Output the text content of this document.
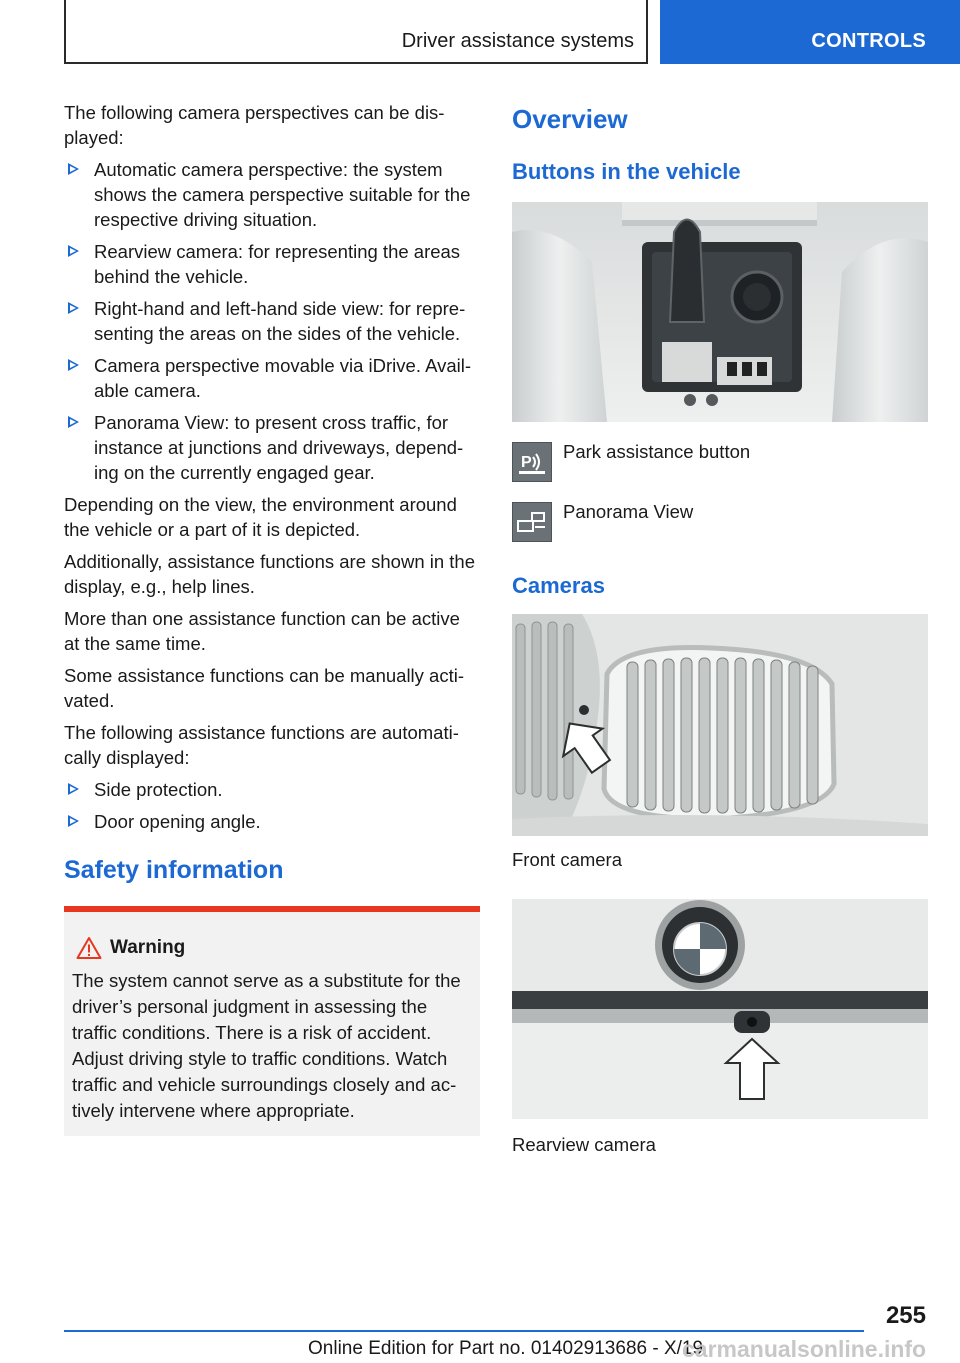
Driver assistance systems	CONTROLS

The following camera perspectives can be dis-played:

Automatic camera perspective: the system shows the camera perspective suitable for the respective driving situation.
Rearview camera: for representing the areas behind the vehicle.
Right-hand and left-hand side view: for repre-senting the areas on the sides of the vehicle.
Camera perspective movable via iDrive. Avail-able camera.
Panorama View: to present cross traffic, for instance at junctions and driveways, depend-ing on the currently engaged gear.

Depending on the view, the environment around the vehicle or a part of it is depicted.

Additionally, assistance functions are shown in the display, e.g., help lines.

More than one assistance function can be active at the same time.

Some assistance functions can be manually acti-vated.

The following assistance functions are automati-cally displayed:

Side protection.
Door opening angle.
Safety information
Warning
The system cannot serve as a substitute for the driver’s personal judgment in assessing the traffic conditions. There is a risk of accident. Adjust driving style to traffic conditions. Watch traffic and vehicle surroundings closely and ac-tively intervene where appropriate.
Overview
Buttons in the vehicle
P
Park assistance button
Panorama View
Cameras
Front camera
Rearview camera
255
Online Edition for Part no. 01402913686 - X/19
carmanualsonline.info
